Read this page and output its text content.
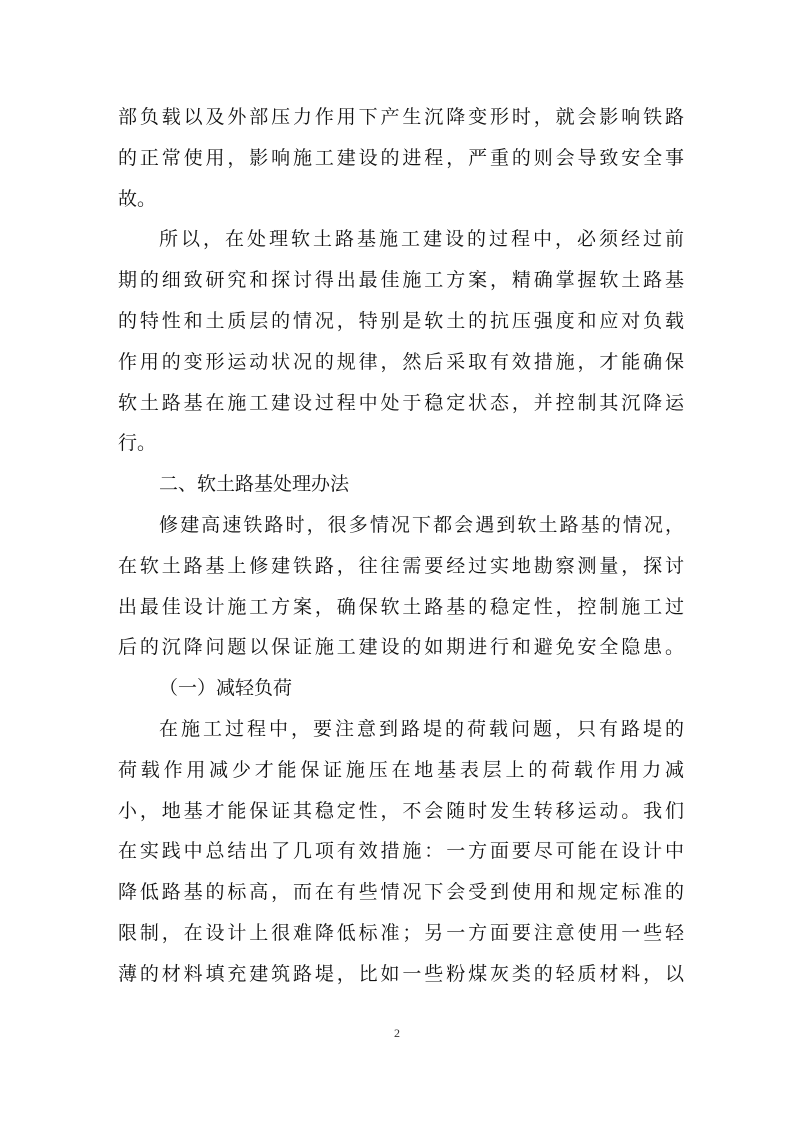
部负载以及外部压力作用下产生沉降变形时，就会影响铁路
的正常使用，影响施工建设的进程，严重的则会导致安全事
故。
所以，在处理软土路基施工建设的过程中，必须经过前
期的细致研究和探讨得出最佳施工方案，精确掌握软土路基
的特性和土质层的情况，特别是软土的抗压强度和应对负载
作用的变形运动状况的规律，然后采取有效措施，才能确保
软土路基在施工建设过程中处于稳定状态，并控制其沉降运
行。
二、软土路基处理办法
修建高速铁路时，很多情况下都会遇到软土路基的情况，
在软土路基上修建铁路，往往需要经过实地勘察测量，探讨
出最佳设计施工方案，确保软土路基的稳定性，控制施工过
后的沉降问题以保证施工建设的如期进行和避免安全隐患。
（一）减轻负荷
在施工过程中，要注意到路堤的荷载问题，只有路堤的
荷载作用减少才能保证施压在地基表层上的荷载作用力减
小，地基才能保证其稳定性，不会随时发生转移运动。我们
在实践中总结出了几项有效措施：一方面要尽可能在设计中
降低路基的标高，而在有些情况下会受到使用和规定标准的
限制，在设计上很难降低标准；另一方面要注意使用一些轻
薄的材料填充建筑路堤，比如一些粉煤灰类的轻质材料，以
2
